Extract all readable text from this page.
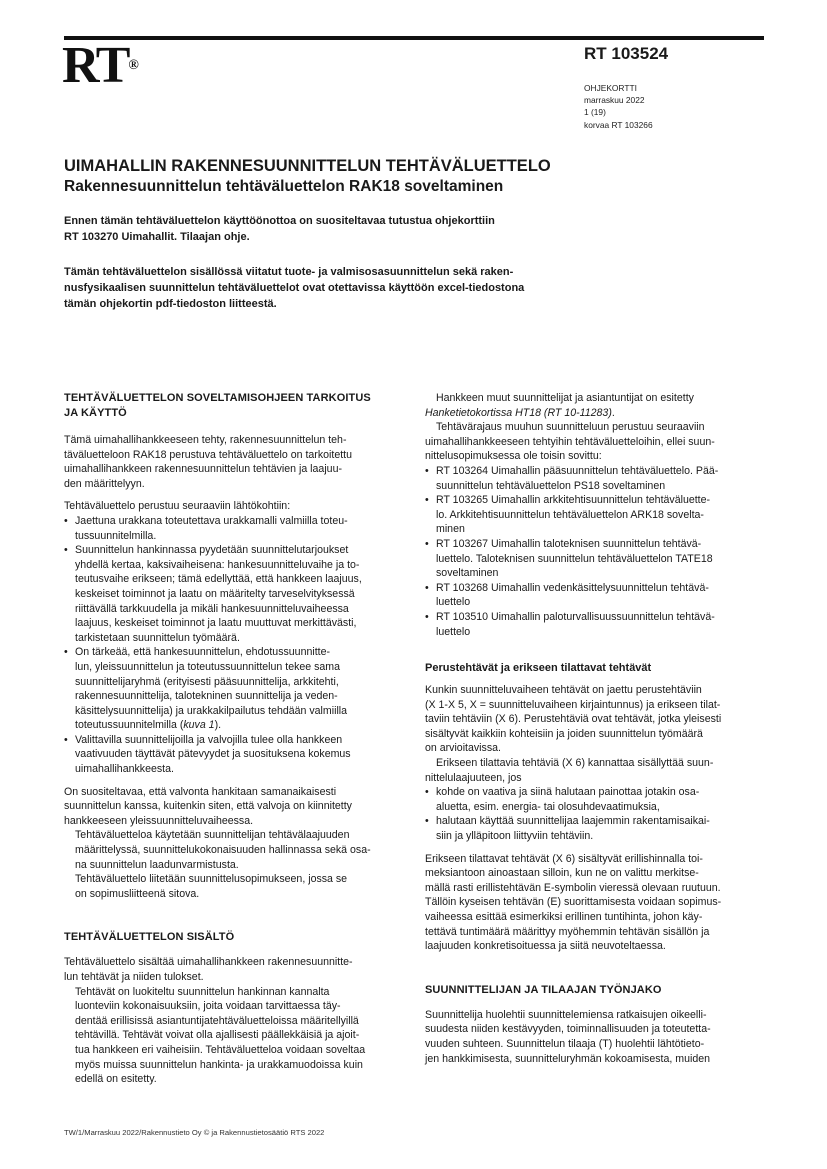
RT®
RT 103524
OHJEKORTTI
marraskuu 2022
1 (19)
korvaa RT 103266
UIMAHALLIN RAKENNESUUNNITTELUN TEHTÄVÄLUETTELO
Rakennesuunnittelun tehtäväluettelon RAK18 soveltaminen
Ennen tämän tehtäväluettelon käyttöönottoa on suositeltavaa tutustua ohjekorttiin
RT 103270 Uimahallit. Tilaajan ohje.
Tämän tehtäväluettelon sisällössä viitatut tuote- ja valmisosasuunnittelun sekä raken-
nusfysikaalisen suunnittelun tehtäväluettelot ovat otettavissa käyttöön excel-tiedostona
tämän ohjekortin pdf-tiedoston liitteestä.
TEHTÄVÄLUETTELON SOVELTAMISOHJEEN TARKOITUS
JA KÄYTTÖ
Tämä uimahallihankkeeseen tehty, rakennesuunnittelun teh-
täväluetteloon RAK18 perustuva tehtäväluettelo on tarkoitettu
uimahallihankkeen rakennesuunnittelun tehtävien ja laajuu-
den määrittelyyn.
Tehtäväluettelo perustuu seuraaviin lähtökohtiin:
• Jaettuna urakkana toteutettava urakkamalli valmiilla toteu-
tussuunnitelmilla.
• Suunnittelun hankinnassa pyydetään suunnittelutarjoukset
yhdellä kertaa, kaksivaiheisena: hankesuunnitteluvaihe ja to-
teutusvaihe erikseen; tämä edellyttää, että hankkeen laajuus,
keskeiset toiminnot ja laatu on määritelty tarveselvityksessä
riittävällä tarkkuudella ja mikäli hankesuunnitteluvaiheessa
laajuus, keskeiset toiminnot ja laatu muuttuvat merkittävästi,
tarkistetaan suunnittelun työmäärä.
• On tärkeää, että hankesuunnittelun, ehdotussuunnitte-
lun, yleissuunnittelun ja toteutussuunnittelun tekee sama
suunnittelijaryhmä (erityisesti pääsuunnittelija, arkkitehti,
rakennesuunnittelija, talotekninen suunnittelija ja veden-
käsittelysuunnittelija) ja urakkakilpailutus tehdään valmiilla
toteutussuunnitelmilla (kuva 1).
• Valittavilla suunnittelijoilla ja valvojilla tulee olla hankkeen
vaativuuden täyttävät pätevyydet ja suosituksena kokemus
uimahallihankkeesta.
On suositeltavaa, että valvonta hankitaan samanaikaisesti
suunnittelun kanssa, kuitenkin siten, että valvoja on kiinnitetty
hankkeeseen yleissuunnitteluvaiheessa.
Tehtäväluetteloa käytetään suunnittelijan tehtävälaajuuden
määrittelyssä, suunnittelukokonaisuuden hallinnassa sekä osa-
na suunnittelun laadunvarmistusta.
Tehtäväluettelo liitetään suunnittelusopimukseen, jossa se
on sopimusliitteenä sitova.
TEHTÄVÄLUETTELON SISÄLTÖ
Tehtäväluettelo sisältää uimahallihankkeen rakennesuunnitte-
lun tehtävät ja niiden tulokset.
Tehtävät on luokiteltu suunnittelun hankinnan kannalta
luonteviin kokonaisuuksiin, joita voidaan tarvittaessa täy-
dentää erillisissä asiantuntijatehtäväluetteloissa määritellyillä
tehtävillä. Tehtävät voivat olla ajallisesti päällekkäisiä ja ajoit-
tua hankkeen eri vaiheisiin. Tehtäväluetteloa voidaan soveltaa
myös muissa suunnittelun hankinta- ja urakkamuodoissa kuin
edellä on esitetty.
Hankkeen muut suunnittelijat ja asiantuntijat on esitetty
Hanketietokortissa HT18 (RT 10-11283).
Tehtävärajaus muuhun suunnitteluun perustuu seuraaviin
uimahallihankkeeseen tehtyihin tehtäväluetteloihin, ellei suun-
nittelusopimuksessa ole toisin sovittu:
• RT 103264 Uimahallin pääsuunnittelun tehtäväluettelo. Pää-
suunnittelun tehtäväluettelon PS18 soveltaminen
• RT 103265 Uimahallin arkkitehtisuunnittelun tehtäväluette-
lo. Arkkitehtisuunnittelun tehtäväluettelon ARK18 sovelta-
minen
• RT 103267 Uimahallin taloteknisen suunnittelun tehtävä-
luettelo. Taloteknisen suunnittelun tehtäväluettelon TATE18
soveltaminen
• RT 103268 Uimahallin vedenkäsittelysuunnittelun tehtävä-
luettelo
• RT 103510 Uimahallin paloturvallisuussuunnittelun tehtävä-
luettelo
Perustehtävät ja erikseen tilattavat tehtävät
Kunkin suunnitteluvaiheen tehtävät on jaettu perustehtäviin
(X 1-X 5, X = suunnitteluvaiheen kirjaintunnus) ja erikseen tilat-
taviin tehtäviin (X 6). Perustehtäviä ovat tehtävät, jotka yleisesti
sisältyvät kaikkiin kohteisiin ja joiden suunnittelun työmäärä
on arvioitavissa.
Erikseen tilattavia tehtäviä (X 6) kannattaa sisällyttää suun-
nittelulaajuuteen, jos
• kohde on vaativa ja siinä halutaan painottaa jotakin osa-
aluetta, esim. energia- tai olosuhdevaatimuksia,
• halutaan käyttää suunnittelijaa laajemmin rakentamisaikai-
siin ja ylläpitoon liittyviin tehtäviin.
Erikseen tilattavat tehtävät (X 6) sisältyvät erillishinnalla toi-
meksiantoon ainoastaan silloin, kun ne on valittu merkitse-
mällä rasti erillistehtävän E-symbolin vieressä olevaan ruutuun.
Tällöin kyseisen tehtävän (E) suorittamisesta voidaan sopimus-
vaiheessa esittää esimerkiksi erillinen tuntihinta, johon käy-
tettävä tuntimäärä määrittyy myöhemmin tehtävän sisällön ja
laajuuden konkretisoituessa ja siitä neuvoteltaessa.
SUUNNITTELIJAN JA TILAAJAN TYÖNJAKO
Suunnittelija huolehtii suunnittelemiensa ratkaisujen oikeelli-
suudesta niiden kestävyyden, toiminnallisuuden ja toteutetta-
vuuden suhteen. Suunnittelun tilaaja (T) huolehtii lähtötieto-
jen hankkimisesta, suunnitteluryhmän kokoamisesta, muiden
TW/1/Marraskuu 2022/Rakennustieto Oy © ja Rakennustietosäätiö RTS 2022
